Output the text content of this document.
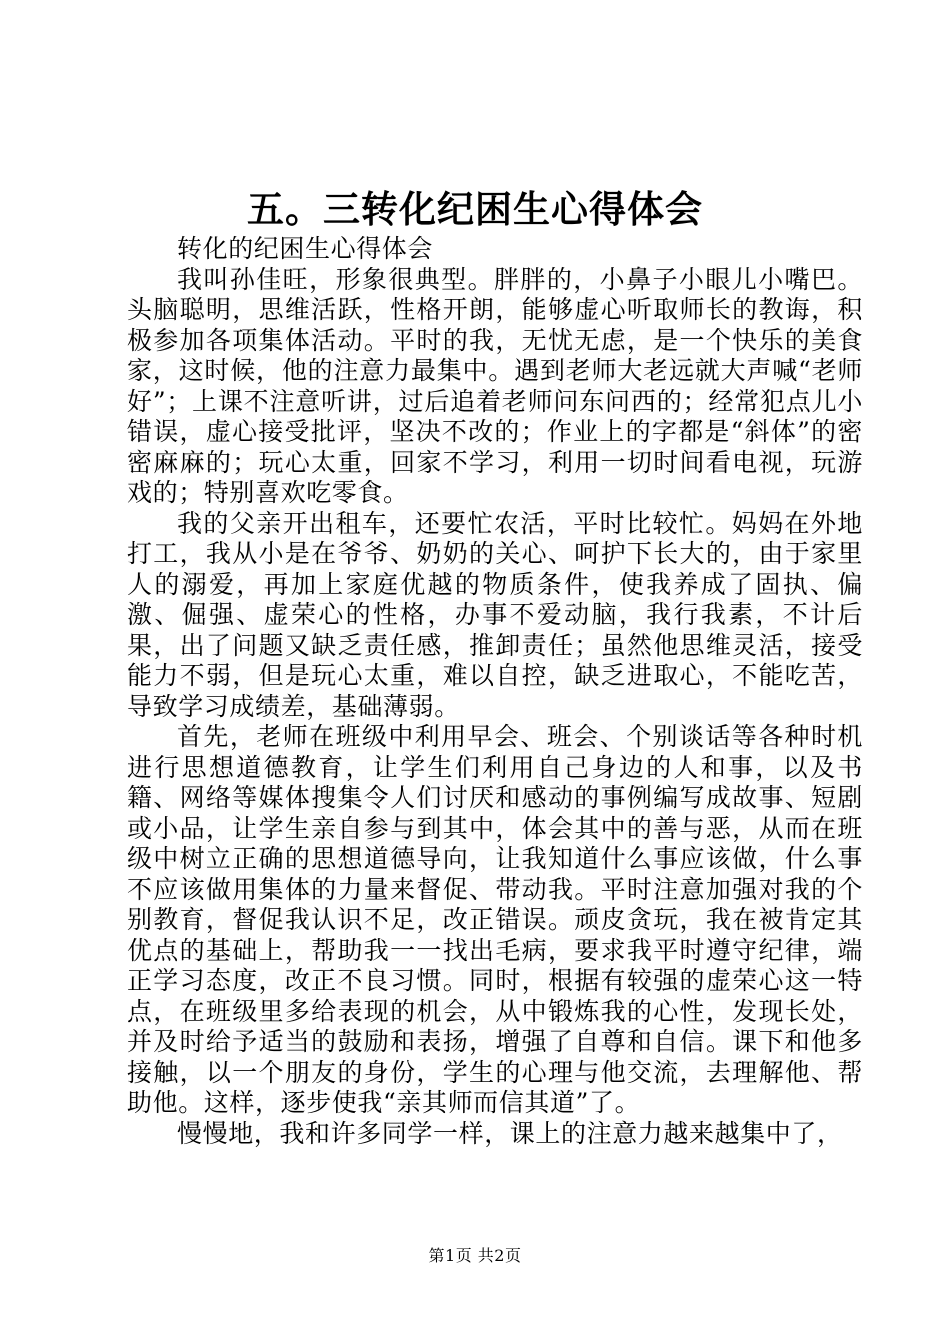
五。三转化纪困生心得体会

转化的纪困生心得体会

我叫孙佳旺，形象很典型。胖胖的，小鼻子小眼儿小嘴巴。头脑聪明，思维活跃，性格开朗，能够虚心听取师长的教诲，积极参加各项集体活动。平时的我，无忧无虑，是一个快乐的美食家，这时候，他的注意力最集中。遇到老师大老远就大声喊“老师好”；上课不注意听讲，过后追着老师问东问西的；经常犯点儿小错误，虚心接受批评，坚决不改的；作业上的字都是“斜体”的密密麻麻的；玩心太重，回家不学习，利用一切时间看电视，玩游戏的；特别喜欢吃零食。

我的父亲开出租车，还要忙农活，平时比较忙。妈妈在外地打工，我从小是在爷爷、奶奶的关心、呵护下长大的，由于家里人的溺爱，再加上家庭优越的物质条件，使我养成了固执、偏激、倔强、虚荣心的性格，办事不爱动脑，我行我素，不计后果，出了问题又缺乏责任感，推卸责任；虽然他思维灵活，接受能力不弱，但是玩心太重，难以自控，缺乏进取心，不能吃苦，导致学习成绩差，基础薄弱。

首先，老师在班级中利用早会、班会、个别谈话等各种时机进行思想道德教育，让学生们利用自己身边的人和事，以及书籍、网络等媒体搜集令人们讨厌和感动的事例编写成故事、短剧或小品，让学生亲自参与到其中，体会其中的善与恶，从而在班级中树立正确的思想道德导向，让我知道什么事应该做，什么事不应该做用集体的力量来督促、带动我。平时注意加强对我的个别教育，督促我认识不足，改正错误。顽皮贪玩，我在被肯定其优点的基础上，帮助我一一找出毛病，要求我平时遵守纪律，端正学习态度，改正不良习惯。同时，根据有较强的虚荣心这一特点，在班级里多给表现的机会，从中锻炼我的心性，发现长处，并及时给予适当的鼓励和表扬，增强了自尊和自信。课下和他多接触，以一个朋友的身份，学生的心理与他交流，去理解他、帮助他。这样，逐步使我“亲其师而信其道”了。

慢慢地，我和许多同学一样，课上的注意力越来越集中了，

第1页 共2页
